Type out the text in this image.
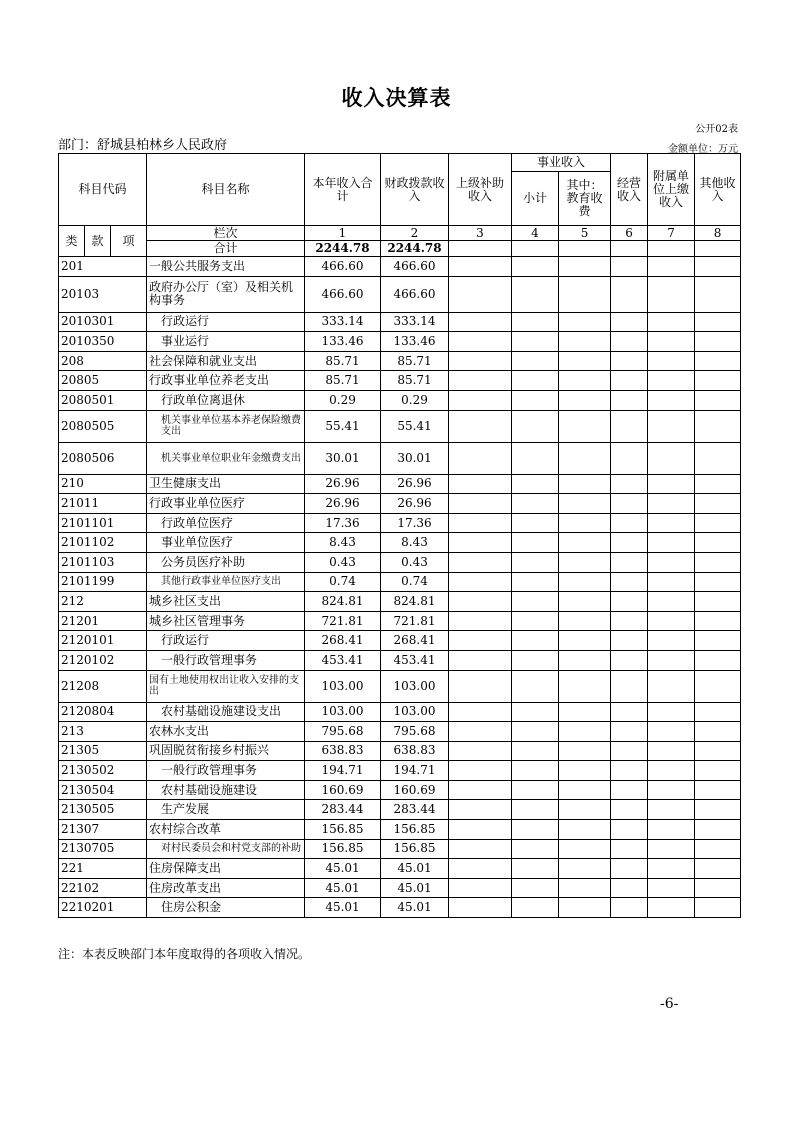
收入决算表
公开02表
部门：舒城县柏林乡人民政府	金额单位：万元
科目代码			科目名称	本年收入合计	财政拨款收入	上级补助收入	事业收入		经营收入	附属单位上缴收入	其他收入
							小计	其中：教育收费			

类	款	项	栏次	1	2	3	4	5	6	7	8
			合计	2244.78	2244.78						
201			一般公共服务支出	466.60	466.60						
20103			政府办公厅（室）及相关机构事务	466.60	466.60						
2010301			行政运行	333.14	333.14						
2010350			事业运行	133.46	133.46						
208			社会保障和就业支出	85.71	85.71						
20805			行政事业单位养老支出	85.71	85.71						
2080501			行政单位离退休	0.29	0.29						
2080505			机关事业单位基本养老保险缴费支出	55.41	55.41						
2080506			机关事业单位职业年金缴费支出	30.01	30.01						
210			卫生健康支出	26.96	26.96						
21011			行政事业单位医疗	26.96	26.96						
2101101			行政单位医疗	17.36	17.36						
2101102			事业单位医疗	8.43	8.43						
2101103			公务员医疗补助	0.43	0.43						
2101199			其他行政事业单位医疗支出	0.74	0.74						
212			城乡社区支出	824.81	824.81						
21201			城乡社区管理事务	721.81	721.81						
2120101			行政运行	268.41	268.41						
2120102			一般行政管理事务	453.41	453.41						
21208			国有土地使用权出让收入安排的支出	103.00	103.00						
2120804			农村基础设施建设支出	103.00	103.00						
213			农林水支出	795.68	795.68						
21305			巩固脱贫衔接乡村振兴	638.83	638.83						
2130502			一般行政管理事务	194.71	194.71						
2130504			农村基础设施建设	160.69	160.69						
2130505			生产发展	283.44	283.44						
21307			农村综合改革	156.85	156.85						
2130705			对村民委员会和村党支部的补助	156.85	156.85						
221			住房保障支出	45.01	45.01						
22102			住房改革支出	45.01	45.01						
2210201			住房公积金	45.01	45.01						
注：本表反映部门本年度取得的各项收入情况。
-6-
